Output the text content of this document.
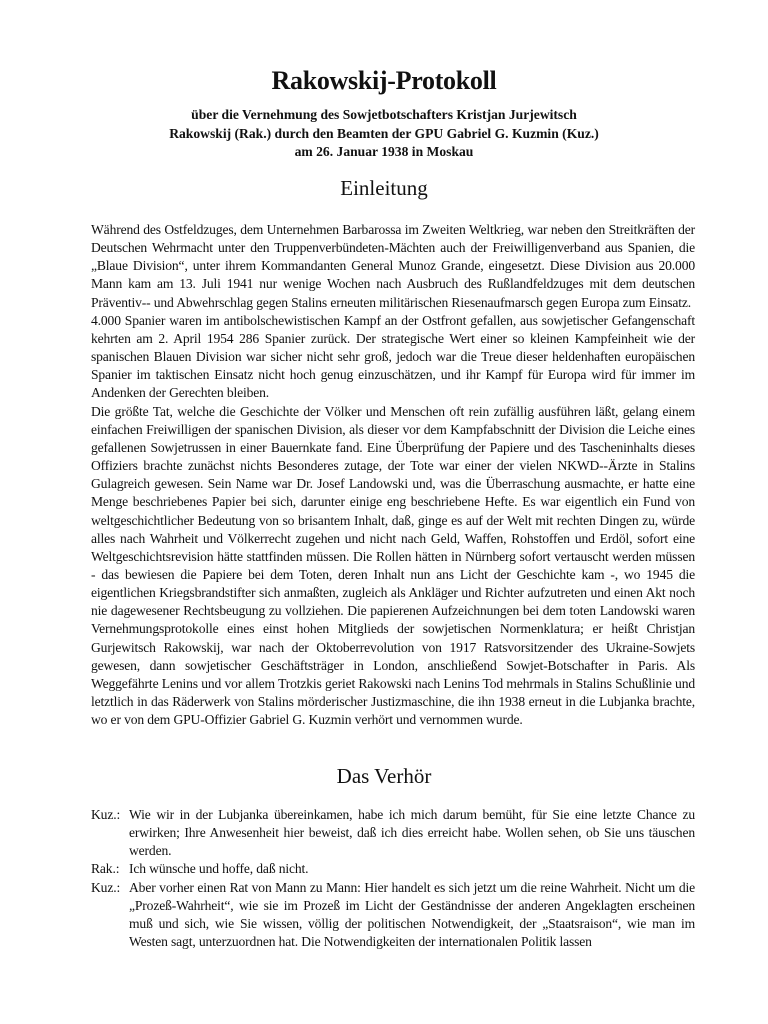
Rakowskij-Protokoll
über die Vernehmung des Sowjetbotschafters Kristjan Jurjewitsch
Rakowskij (Rak.) durch den Beamten der GPU Gabriel G. Kuzmin (Kuz.)
am 26. Januar 1938 in Moskau
Einleitung

Während des Ostfeldzuges, dem Unternehmen Barbarossa im Zweiten Weltkrieg, war neben den Streitkräften der Deutschen Wehrmacht unter den Truppenverbündeten-Mächten auch der Freiwilligenverband aus Spanien, die „Blaue Division“, unter ihrem Kommandanten General Munoz Grande, eingesetzt. Diese Division aus 20.000 Mann kam am 13. Juli 1941 nur wenige Wochen nach Ausbruch des Rußlandfeldzuges mit dem deutschen Präventiv-- und Abwehrschlag gegen Stalins erneuten militärischen Riesenaufmarsch gegen Europa zum Einsatz.

4.000 Spanier waren im antibolschewistischen Kampf an der Ostfront gefallen, aus sowjetischer Gefangenschaft kehrten am 2. April 1954 286 Spanier zurück. Der strategische Wert einer so kleinen Kampfeinheit wie der spanischen Blauen Division war sicher nicht sehr groß, jedoch war die Treue dieser heldenhaften europäischen Spanier im taktischen Einsatz nicht hoch genug einzuschätzen, und ihr Kampf für Europa wird für immer im Andenken der Gerechten bleiben.

Die größte Tat, welche die Geschichte der Völker und Menschen oft rein zufällig ausführen läßt, gelang einem einfachen Freiwilligen der spanischen Division, als dieser vor dem Kampfabschnitt der Division die Leiche eines gefallenen Sowjetrussen in einer Bauernkate fand. Eine Überprüfung der Papiere und des Tascheninhalts dieses Offiziers brachte zunächst nichts Besonderes zutage, der Tote war einer der vielen NKWD--Ärzte in Stalins Gulagreich gewesen. Sein Name war Dr. Josef Landowski und, was die Überraschung ausmachte, er hatte eine Menge beschriebenes Papier bei sich, darunter einige eng beschriebene Hefte. Es war eigentlich ein Fund von weltgeschichtlicher Bedeutung von so brisantem Inhalt, daß, ginge es auf der Welt mit rechten Dingen zu, würde alles nach Wahrheit und Völkerrecht zugehen und nicht nach Geld, Waffen, Rohstoffen und Erdöl, sofort eine Weltgeschichtsrevision hätte stattfinden müssen. Die Rollen hätten in Nürnberg sofort vertauscht werden müssen - das bewiesen die Papiere bei dem Toten, deren Inhalt nun ans Licht der Geschichte kam -, wo 1945 die eigentlichen Kriegsbrandstifter sich anmaßten, zugleich als Ankläger und Richter aufzutreten und einen Akt noch nie dagewesener Rechtsbeugung zu vollziehen. Die papierenen Aufzeichnungen bei dem toten Landowski waren Vernehmungsprotokolle eines einst hohen Mitglieds der sowjetischen Normenklatura; er heißt Christjan Gurjewitsch Rakowskij, war nach der Oktoberrevolution von 1917 Ratsvorsitzender des Ukraine-Sowjets gewesen, dann sowjetischer Geschäftsträger in London, anschließend Sowjet-Botschafter in Paris. Als Weggefährte Lenins und vor allem Trotzkis geriet Rakowski nach Lenins Tod mehrmals in Stalins Schußlinie und letztlich in das Räderwerk von Stalins mörderischer Justizmaschine, die ihn 1938 erneut in die Lubjanka brachte, wo er von dem GPU-Offizier Gabriel G. Kuzmin verhört und vernommen wurde.

Das Verhör
Kuz.: Wie wir in der Lubjanka übereinkamen, habe ich mich darum bemüht, für Sie eine letzte Chance zu erwirken; Ihre Anwesenheit hier beweist, daß ich dies erreicht habe. Wollen sehen, ob Sie uns täuschen werden.
Rak.: Ich wünsche und hoffe, daß nicht.
Kuz.: Aber vorher einen Rat von Mann zu Mann: Hier handelt es sich jetzt um die reine Wahrheit. Nicht um die „Prozeß-Wahrheit“, wie sie im Prozeß im Licht der Geständnisse der anderen Angeklagten erscheinen muß und sich, wie Sie wissen, völlig der politischen Notwendigkeit, der „Staatsraison“, wie man im Westen sagt, unterzuordnen hat. Die Notwendigkeiten der internationalen Politik lassen
